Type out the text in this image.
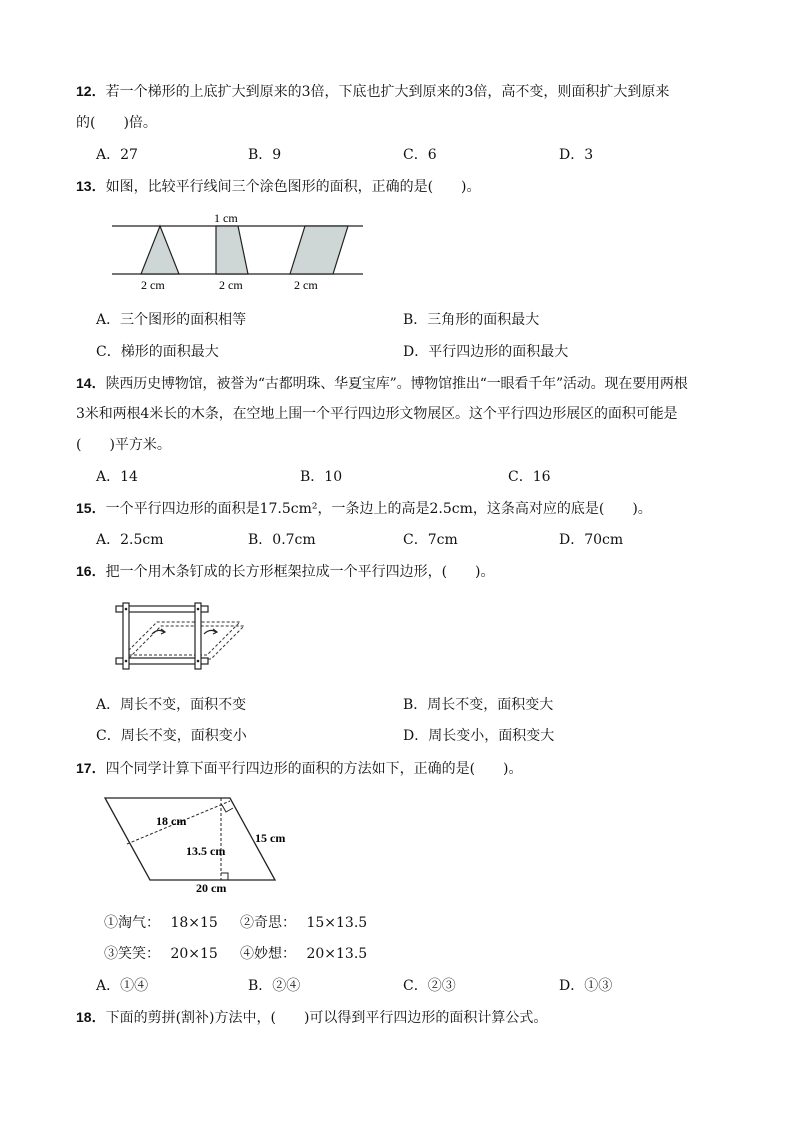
12．若一个梯形的上底扩大到原来的3倍，下底也扩大到原来的3倍，高不变，则面积扩大到原来
的(　　)倍。
A．27	B．9	C．6	D．3
13．如图，比较平行线间三个涂色图形的面积，正确的是(　　)。
1 cm
2 cm	2 cm	2 cm
A．三个图形的面积相等	B．三角形的面积最大
C．梯形的面积最大	D．平行四边形的面积最大
14．陕西历史博物馆，被誉为“古都明珠、华夏宝库”。博物馆推出“一眼看千年”活动。现在要用两根
3米和两根4米长的木条，在空地上围一个平行四边形文物展区。这个平行四边形展区的面积可能是
(　　)平方米。
A．14	B．10	C．16
15．一个平行四边形的面积是17.5cm²，一条边上的高是2.5cm，这条高对应的底是(　　)。
A．2.5cm	B．0.7cm	C．7cm	D．70cm
16．把一个用木条钉成的长方形框架拉成一个平行四边形，(　　)。
A．周长不变，面积不变	B．周长不变，面积变大
C．周长不变，面积变小	D．周长变小，面积变大
17．四个同学计算下面平行四边形的面积的方法如下，正确的是(　　)。
18 cm
15 cm
13.5 cm
20 cm
①淘气： 18×15 ②奇思： 15×13.5
③笑笑： 20×15 ④妙想： 20×13.5
A．①④	B．②④	C．②③	D．①③
18．下面的剪拼(割补)方法中，(　　)可以得到平行四边形的面积计算公式。
